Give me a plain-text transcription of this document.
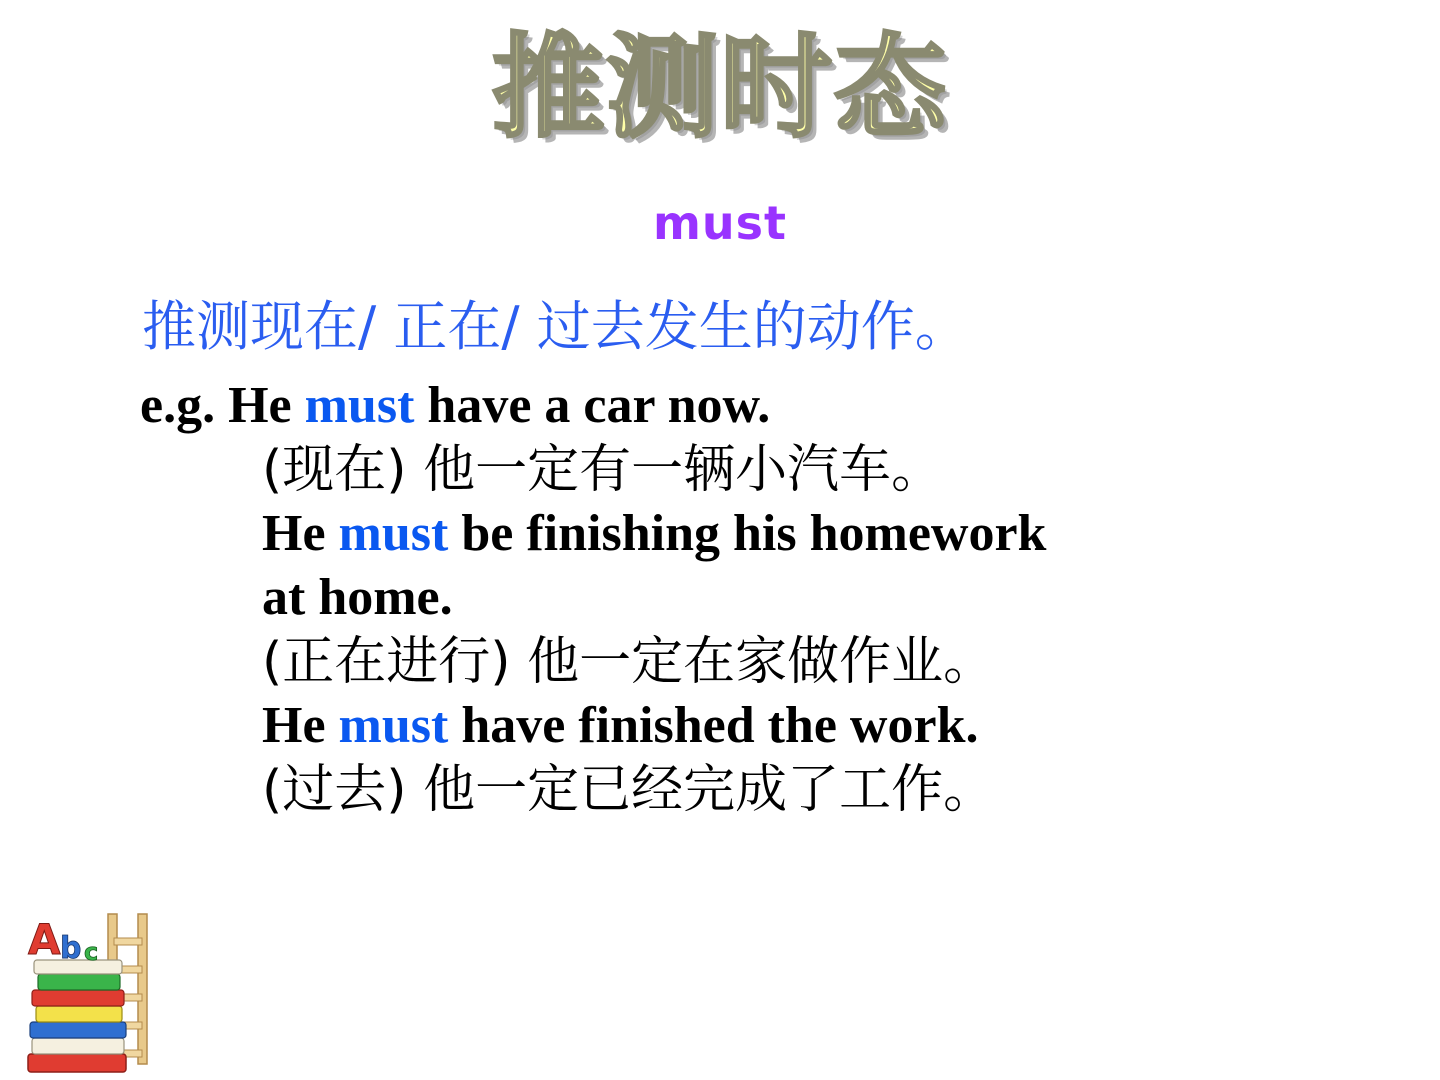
推测时态
must
推测现在/ 正在/ 过去发生的动作。
e.g. He must have a car now.
(现在) 他一定有一辆小汽车。
He must be finishing his homework
at home.
(正在进行) 他一定在家做作业。
He must have finished the work.
(过去) 他一定已经完成了工作。
A b c
